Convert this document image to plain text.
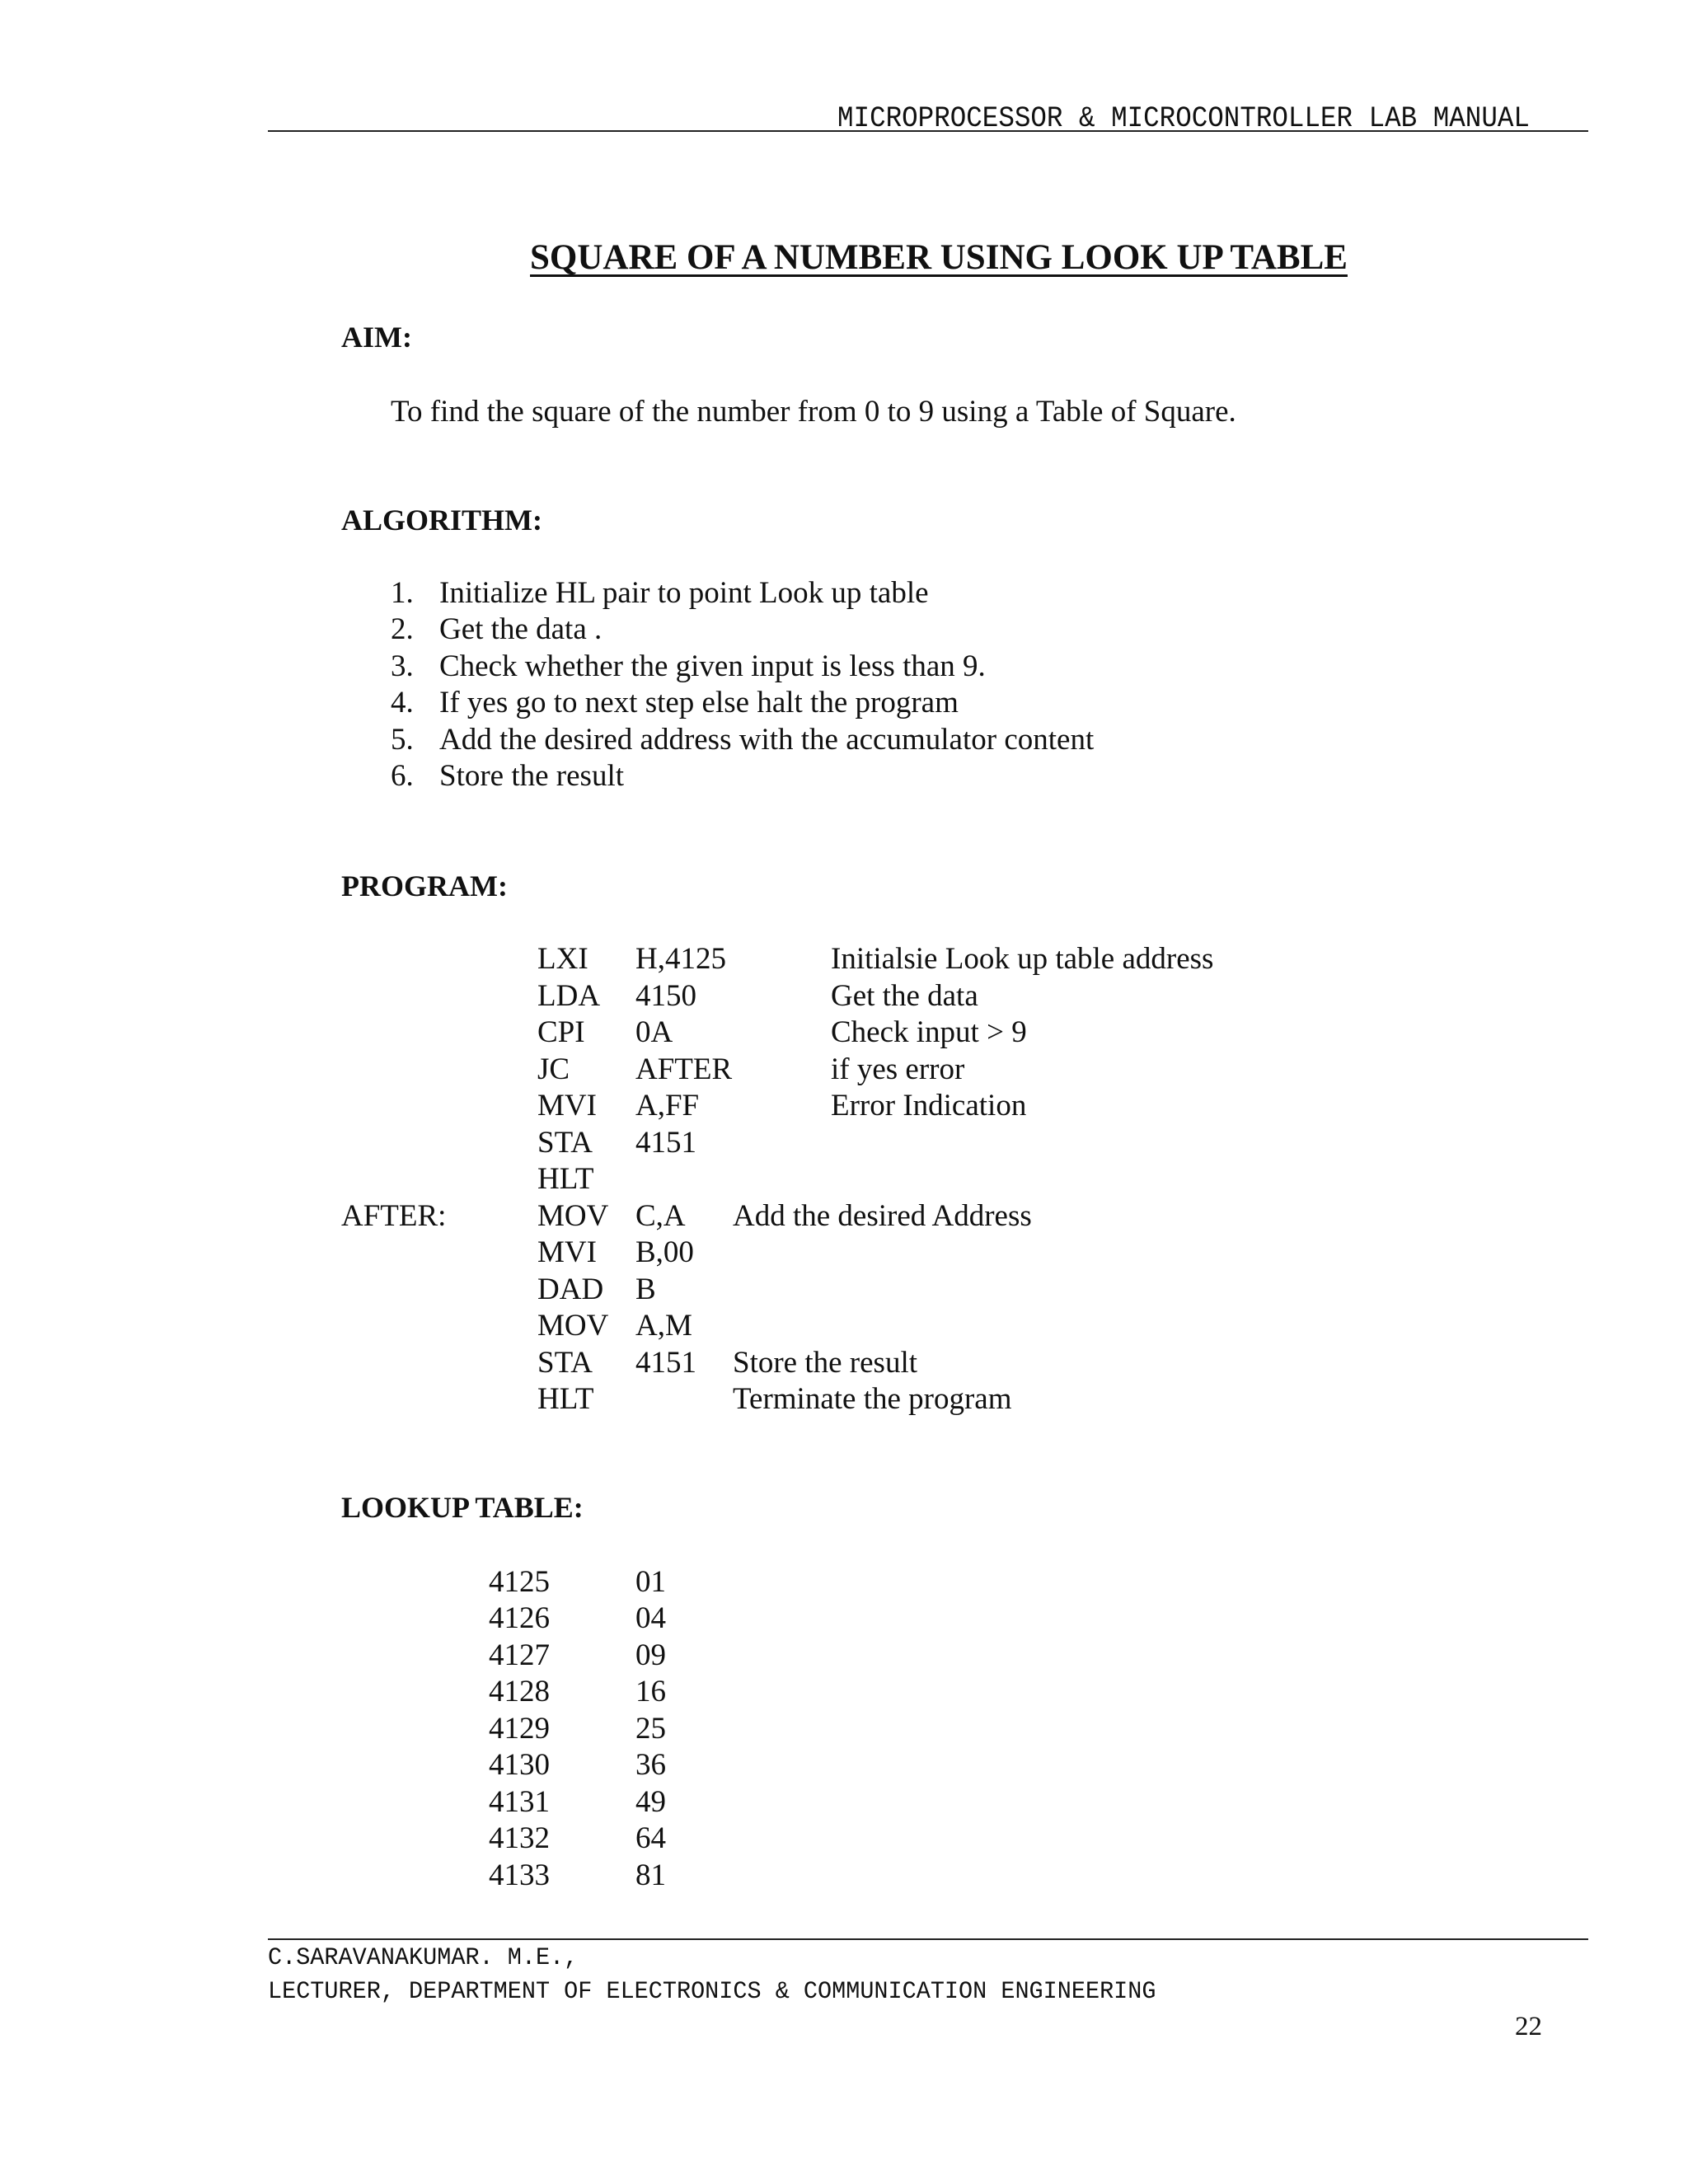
MICROPROCESSOR & MICROCONTROLLER LAB MANUAL
SQUARE OF A NUMBER USING LOOK UP TABLE
AIM:
To find the square of the number from 0 to 9 using a Table of Square.
ALGORITHM:
1. Initialize HL pair to point Look up table
2. Get the data .
3. Check whether the given input is less than 9.
4. If yes go to next step else halt the program
5. Add the desired address with the accumulator content
6. Store the result
PROGRAM:
LXI H,4125	Initialsie Look up table address
LDA 4150	Get the data
CPI 0A	Check input > 9
JC AFTER	if yes error
MVI A,FF	Error Indication
STA 4151
HLT
AFTER:	MOV C,A Add the desired Address
MVI B,00
DAD B
MOV A,M
STA 4151 Store the result
HLT	Terminate the program
LOOKUP TABLE:
4125	01
4126	04
4127	09
4128	16
4129	25
4130	36
4131	49
4132	64
4133	81
C.SARAVANAKUMAR. M.E.,
LECTURER, DEPARTMENT OF ELECTRONICS & COMMUNICATION ENGINEERING
22
